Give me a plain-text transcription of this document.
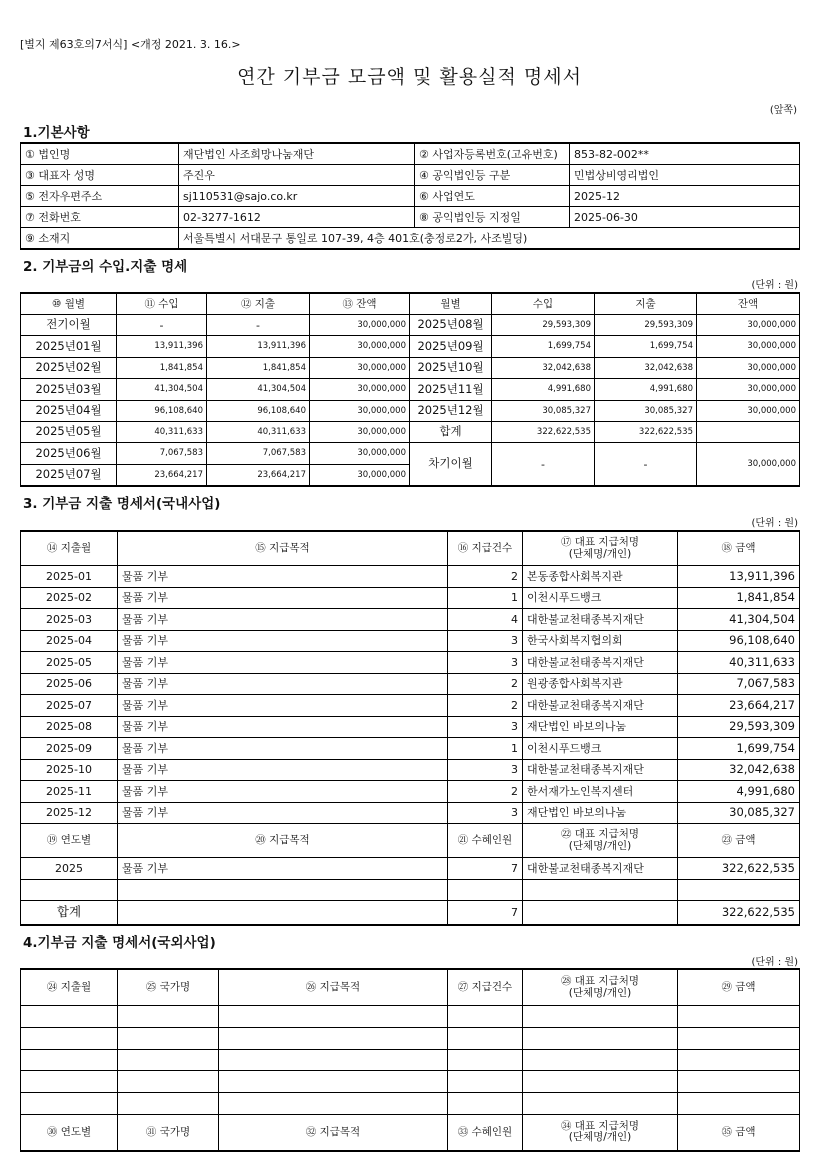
[별지 제63호의7서식] <개정 2021. 3. 16.>
연간 기부금 모금액 및 활용실적 명세서
(앞쪽)
1.기본사항
① 법인명	재단법인 사조희망나눔재단	② 사업자등록번호(고유번호)	853-82-002**
③ 대표자 성명	주진우	④ 공익법인등 구분	민법상비영리법인
⑤ 전자우편주소	sj110531@sajo.co.kr	⑥ 사업연도	2025-12
⑦ 전화번호	02-3277-1612	⑧ 공익법인등 지정일	2025-06-30
⑨ 소재지	서울특별시 서대문구 통일로 107-39, 4층 401호(충정로2가, 사조빌딩)		
2. 기부금의 수입.지출 명세
(단위 : 원)
⑩ 월별	⑪ 수입	⑫ 지출	⑬ 잔액	월별	수입	지출	잔액
전기이월	-	-	30,000,000	2025년08월	29,593,309	29,593,309	30,000,000
2025년01월	13,911,396	13,911,396	30,000,000	2025년09월	1,699,754	1,699,754	30,000,000
2025년02월	1,841,854	1,841,854	30,000,000	2025년10월	32,042,638	32,042,638	30,000,000
2025년03월	41,304,504	41,304,504	30,000,000	2025년11월	4,991,680	4,991,680	30,000,000
2025년04월	96,108,640	96,108,640	30,000,000	2025년12월	30,085,327	30,085,327	30,000,000
2025년05월	40,311,633	40,311,633	30,000,000	합계	322,622,535	322,622,535	
2025년06월	7,067,583	7,067,583	30,000,000	차기이월	-	-	30,000,000
2025년07월	23,664,217	23,664,217	30,000,000				
3. 기부금 지출 명세서(국내사업)
(단위 : 원)
⑭ 지출월	⑮ 지급목적	⑯ 지급건수	⑰ 대표 지급처명
(단체명/개인)	⑱ 금액
2025-01	물품 기부	2	본동종합사회복지관	13,911,396
2025-02	물품 기부	1	이천시푸드뱅크	1,841,854
2025-03	물품 기부	4	대한불교천태종복지재단	41,304,504
2025-04	물품 기부	3	한국사회복지협의회	96,108,640
2025-05	물품 기부	3	대한불교천태종복지재단	40,311,633
2025-06	물품 기부	2	원광종합사회복지관	7,067,583
2025-07	물품 기부	2	대한불교천태종복지재단	23,664,217
2025-08	물품 기부	3	재단법인 바보의나눔	29,593,309
2025-09	물품 기부	1	이천시푸드뱅크	1,699,754
2025-10	물품 기부	3	대한불교천태종복지재단	32,042,638
2025-11	물품 기부	2	한서재가노인복지센터	4,991,680
2025-12	물품 기부	3	재단법인 바보의나눔	30,085,327
⑲ 연도별	⑳ 지급목적	㉑ 수혜인원	㉒ 대표 지급처명
(단체명/개인)	㉓ 금액
2025	물품 기부	7	대한불교천태종복지재단	322,622,535

합계		7		322,622,535
4.기부금 지출 명세서(국외사업)
(단위 : 원)
㉔ 지출월	㉕ 국가명	㉖ 지급목적	㉗ 지급건수	㉘ 대표 지급처명
(단체명/개인)	㉙ 금액

㉚ 연도별	㉛ 국가명	㉜ 지급목적	㉝ 수혜인원	㉞ 대표 지급처명
(단체명/개인)	㉟ 금액
